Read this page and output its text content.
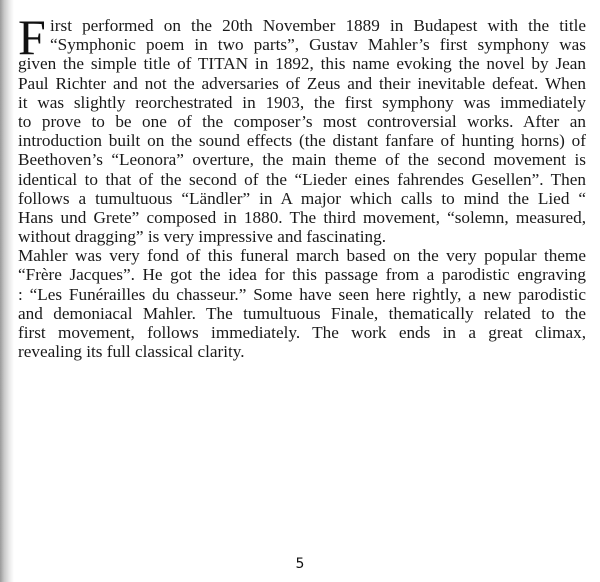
F irst performed on the 20th November 1889 in Budapest with the title
“Symphonic poem in two parts”, Gustav Mahler’s first symphony was
given the simple title of TITAN in 1892, this name evoking the novel by Jean
Paul Richter and not the adversaries of Zeus and their inevitable defeat. When
it was slightly reorchestrated in 1903, the first symphony was immediately
to prove to be one of the composer’s most controversial works. After an
introduction built on the sound effects (the distant fanfare of hunting horns) of
Beethoven’s “Leonora” overture, the main theme of the second movement is
identical to that of the second of the “Lieder eines fahrendes Gesellen”. Then
follows a tumultuous “Ländler” in A major which calls to mind the Lied “
Hans und Grete” composed in 1880. The third movement, “solemn, measured,
without dragging” is very impressive and fascinating.
Mahler was very fond of this funeral march based on the very popular theme
“Frère Jacques”. He got the idea for this passage from a parodistic engraving
: “Les Funérailles du chasseur.” Some have seen here rightly, a new parodistic
and demoniacal Mahler. The tumultuous Finale, thematically related to the
first movement, follows immediately. The work ends in a great climax,
revealing its full classical clarity.
5
